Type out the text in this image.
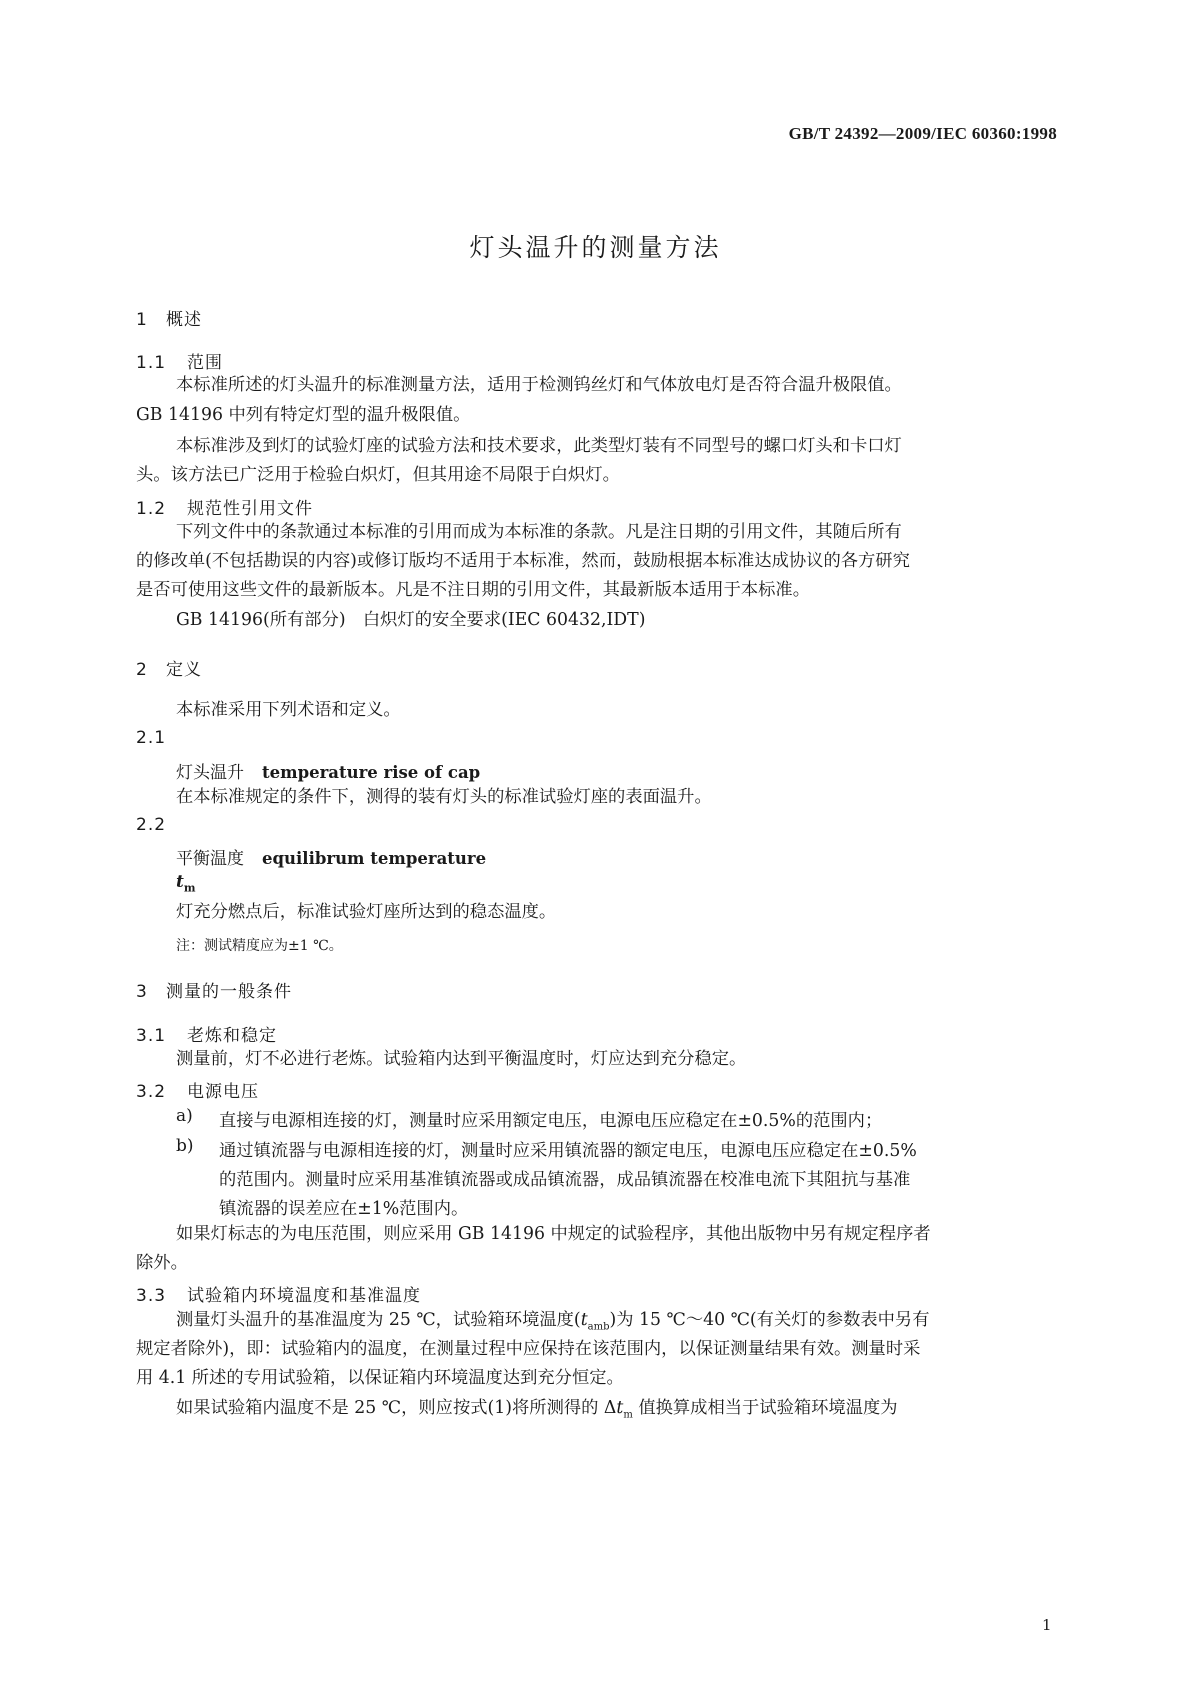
GB/T 24392—2009/IEC 60360:1998
灯头温升的测量方法
1 概述
1.1 范围
本标准所述的灯头温升的标准测量方法，适用于检测钨丝灯和气体放电灯是否符合温升极限值。
GB 14196 中列有特定灯型的温升极限值。
本标准涉及到灯的试验灯座的试验方法和技术要求，此类型灯装有不同型号的螺口灯头和卡口灯
头。该方法已广泛用于检验白炽灯，但其用途不局限于白炽灯。
1.2 规范性引用文件
下列文件中的条款通过本标准的引用而成为本标准的条款。凡是注日期的引用文件，其随后所有
的修改单(不包括勘误的内容)或修订版均不适用于本标准，然而，鼓励根据本标准达成协议的各方研究
是否可使用这些文件的最新版本。凡是不注日期的引用文件，其最新版本适用于本标准。
GB 14196(所有部分)　白炽灯的安全要求(IEC 60432,IDT)
2 定义
本标准采用下列术语和定义。
2.1
灯头温升 temperature rise of cap
在本标准规定的条件下，测得的装有灯头的标准试验灯座的表面温升。
2.2
平衡温度 equilibrum temperature
$t_m$
灯充分燃点后，标准试验灯座所达到的稳态温度。
注：测试精度应为±1 ℃。
3 测量的一般条件
3.1 老炼和稳定
测量前，灯不必进行老炼。试验箱内达到平衡温度时，灯应达到充分稳定。
3.2 电源电压
a) 直接与电源相连接的灯，测量时应采用额定电压，电源电压应稳定在±0.5%的范围内；
b) 通过镇流器与电源相连接的灯，测量时应采用镇流器的额定电压，电源电压应稳定在±0.5%
的范围内。测量时应采用基准镇流器或成品镇流器，成品镇流器在校准电流下其阻抗与基准
镇流器的误差应在±1%范围内。
如果灯标志的为电压范围，则应采用 GB 14196 中规定的试验程序，其他出版物中另有规定程序者
除外。
3.3 试验箱内环境温度和基准温度
测量灯头温升的基准温度为 25 ℃，试验箱环境温度$(t_{amb})$为 15 ℃～40 ℃(有关灯的参数表中另有
规定者除外)，即：试验箱内的温度，在测量过程中应保持在该范围内，以保证测量结果有效。测量时采
用 4.1 所述的专用试验箱，以保证箱内环境温度达到充分恒定。
如果试验箱内温度不是 25 ℃，则应按式(1)将所测得的 $\Delta t_m$ 值换算成相当于试验箱环境温度为
1
